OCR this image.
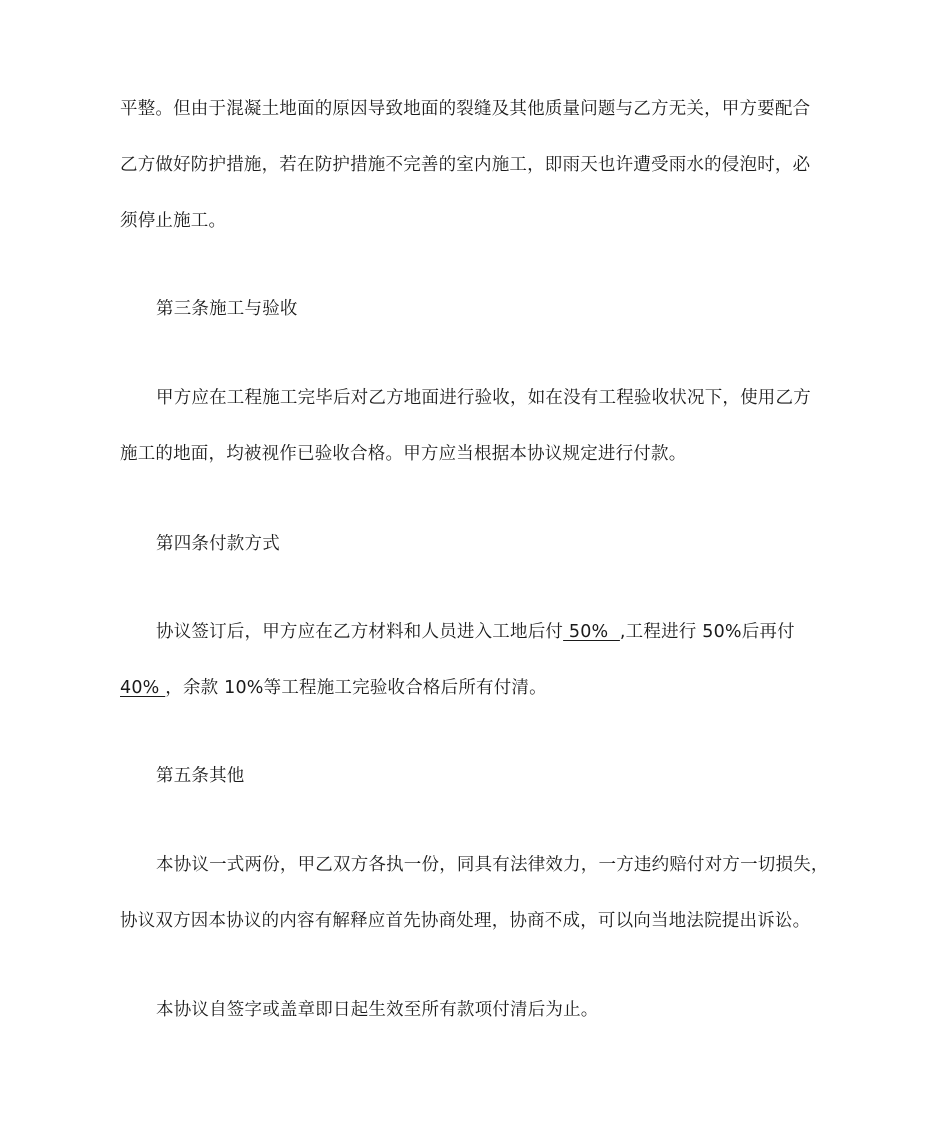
平整。但由于混凝土地面的原因导致地面的裂缝及其他质量问题与乙方无关，甲方要配合
乙方做好防护措施，若在防护措施不完善的室内施工，即雨天也许遭受雨水的侵泡时，必
须停止施工。
第三条施工与验收
甲方应在工程施工完毕后对乙方地面进行验收，如在没有工程验收状况下，使用乙方
施工的地面，均被视作已验收合格。甲方应当根据本协议规定进行付款。
第四条付款方式
协议签订后，甲方应在乙方材料和人员进入工地后付 50%  ,工程进行 50%后再付
40% ，余款 10%等工程施工完验收合格后所有付清。
第五条其他
本协议一式两份，甲乙双方各执一份，同具有法律效力，一方违约赔付对方一切损失，
协议双方因本协议的内容有解释应首先协商处理，协商不成，可以向当地法院提出诉讼。
本协议自签字或盖章即日起生效至所有款项付清后为止。
